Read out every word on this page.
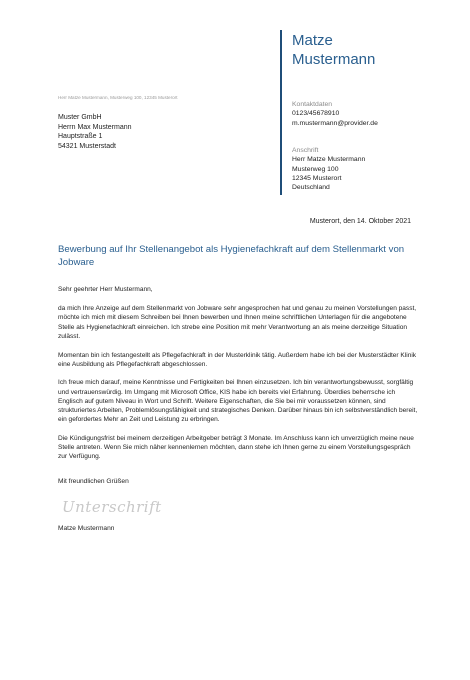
Matze
Mustermann
Herr Matze Mustermann, Musterweg 100, 12345 Musterort
Muster GmbH
Herrn Max Mustermann
Hauptstraße 1
54321 Musterstadt
Kontaktdaten
0123/45678910
m.mustermann@provider.de
Anschrift
Herr Matze Mustermann
Musterweg 100
12345 Musterort
Deutschland
Musterort, den 14. Oktober 2021
Bewerbung auf Ihr Stellenangebot als Hygienefachkraft auf dem Stellenmarkt von Jobware

Sehr geehrter Herr Mustermann,

da mich Ihre Anzeige auf dem Stellenmarkt von Jobware sehr angesprochen hat und genau zu meinen Vorstellungen passt, möchte ich mich mit diesem Schreiben bei Ihnen bewerben und Ihnen meine schriftlichen Unterlagen für die angebotene Stelle als Hygienefachkraft einreichen. Ich strebe eine Position mit mehr Verantwortung an als meine derzeitige Situation zulässt.

Momentan bin ich festangestellt als Pflegefachkraft in der Musterklinik tätig. Außerdem habe ich bei der Musterstädter Klinik eine Ausbildung als Pflegefachkraft abgeschlossen.

Ich freue mich darauf, meine Kenntnisse und Fertigkeiten bei Ihnen einzusetzen. Ich bin verantwortungsbewusst, sorgfältig und vertrauenswürdig. Im Umgang mit Microsoft Office, KIS habe ich bereits viel Erfahrung. Überdies beherrsche ich Englisch auf gutem Niveau in Wort und Schrift. Weitere Eigenschaften, die Sie bei mir voraussetzen können, sind strukturiertes Arbeiten, Problemlösungsfähigkeit und strategisches Denken. Darüber hinaus bin ich selbstverständlich bereit, ein gefordertes Mehr an Zeit und Leistung zu erbringen.

Die Kündigungsfrist bei meinem derzeitigen Arbeitgeber beträgt 3 Monate. Im Anschluss kann ich unverzüglich meine neue Stelle antreten. Wenn Sie mich näher kennenlernen möchten, dann stehe ich Ihnen gerne zu einem Vorstellungsgespräch zur Verfügung.

Mit freundlichen Grüßen
Unterschrift
Matze Mustermann
